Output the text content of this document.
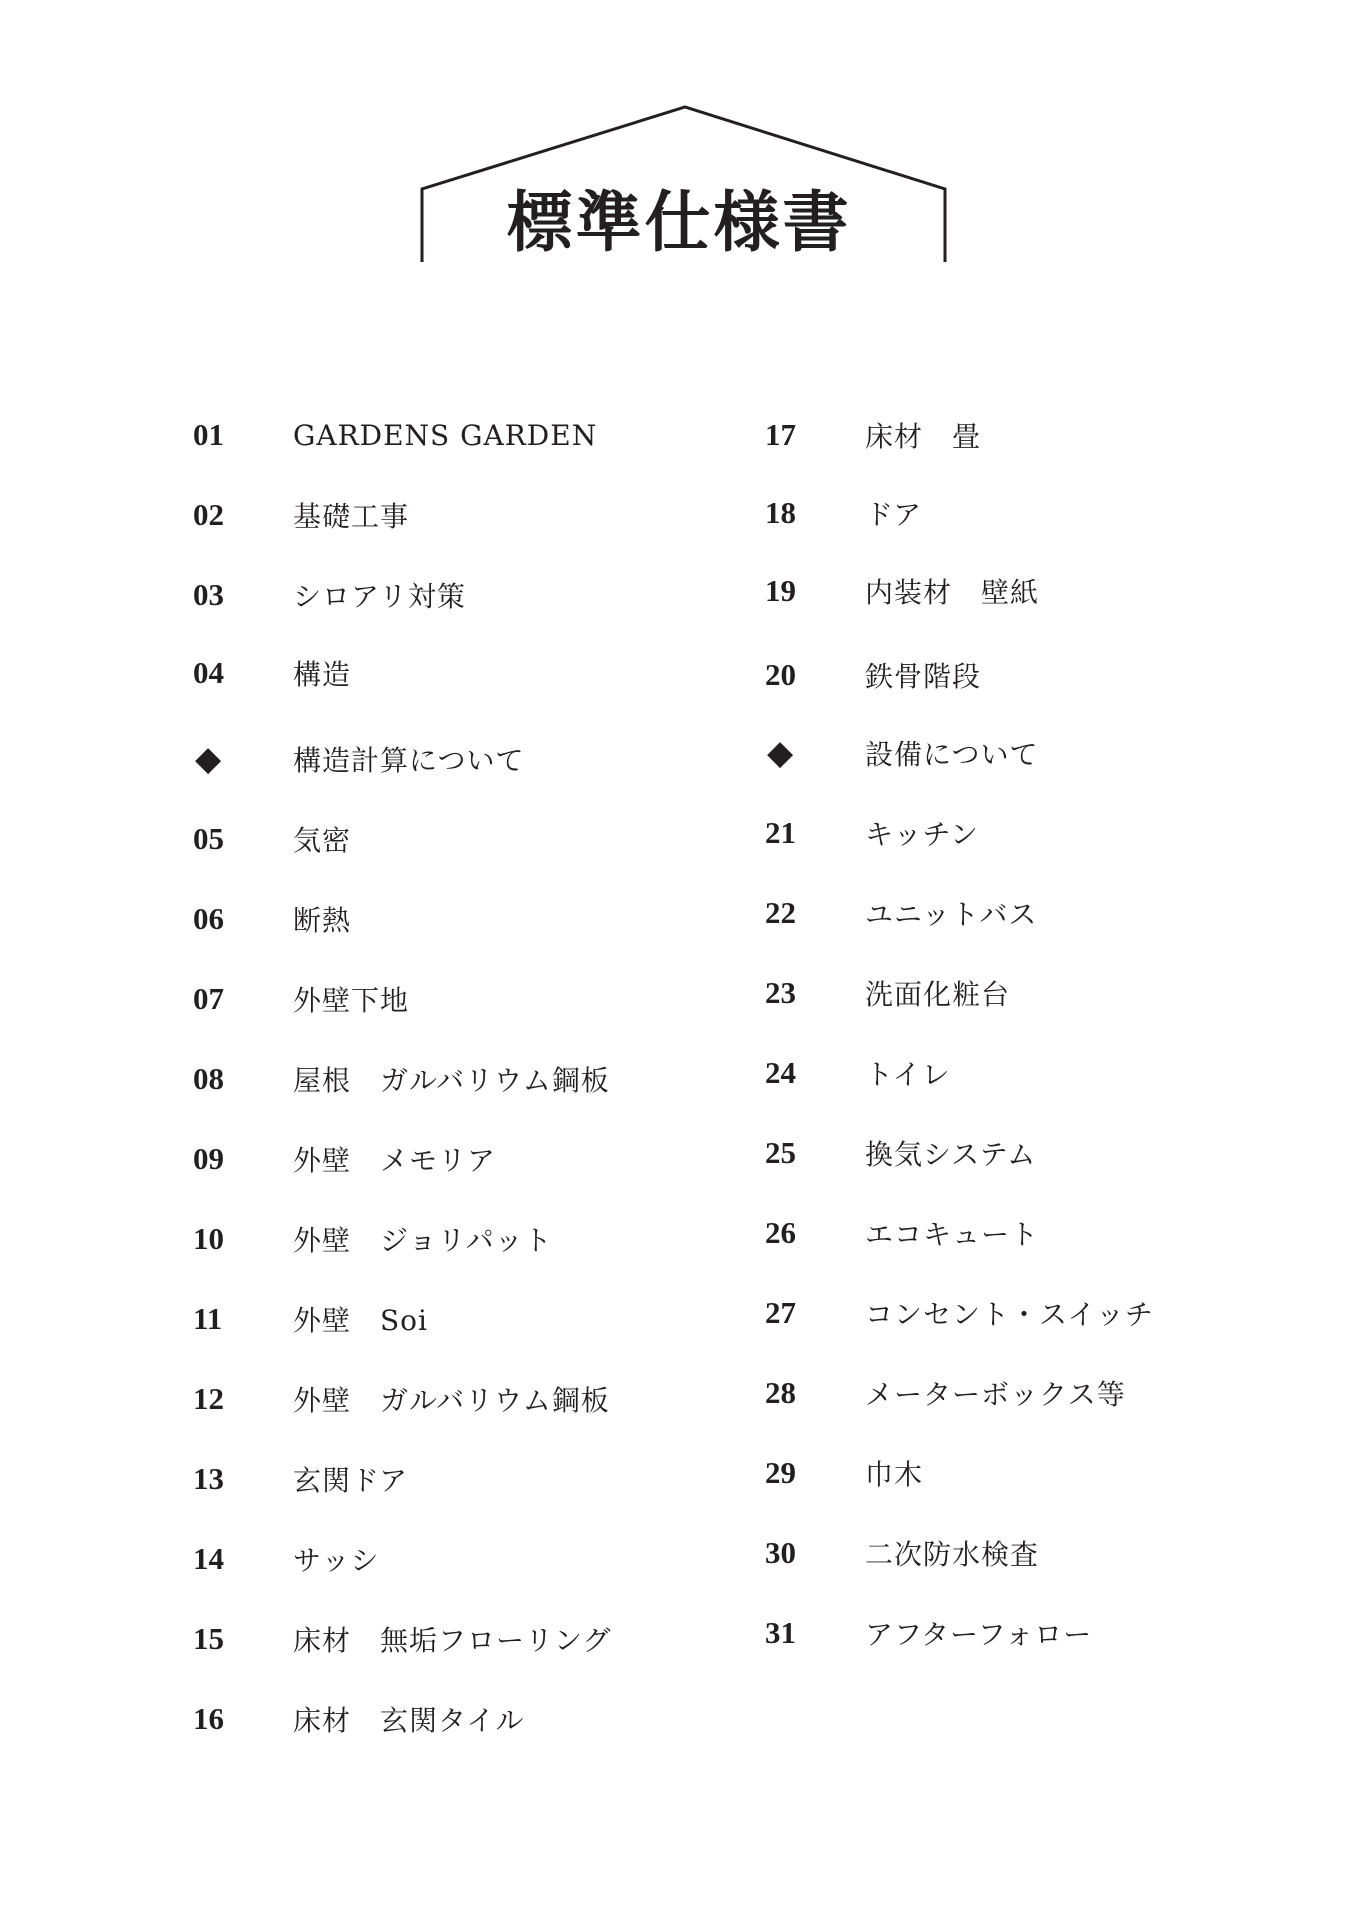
標準仕様書
01	GARDENS GARDEN
02	基礎工事
03	シロアリ対策
04	構造
◆	構造計算について
05	気密
06	断熱
07	外壁下地
08	屋根　ガルバリウム鋼板
09	外壁　メモリア
10	外壁　ジョリパット
11	外壁　Soi
12	外壁　ガルバリウム鋼板
13	玄関ドア
14	サッシ
15	床材　無垢フローリング
16	床材　玄関タイル
17	床材　畳
18	ドア
19	内装材　壁紙
20	鉄骨階段
◆	設備について
21	キッチン
22	ユニットバス
23	洗面化粧台
24	トイレ
25	換気システム
26	エコキュート
27	コンセント・スイッチ
28	メーターボックス等
29	巾木
30	二次防水検査
31	アフターフォロー
